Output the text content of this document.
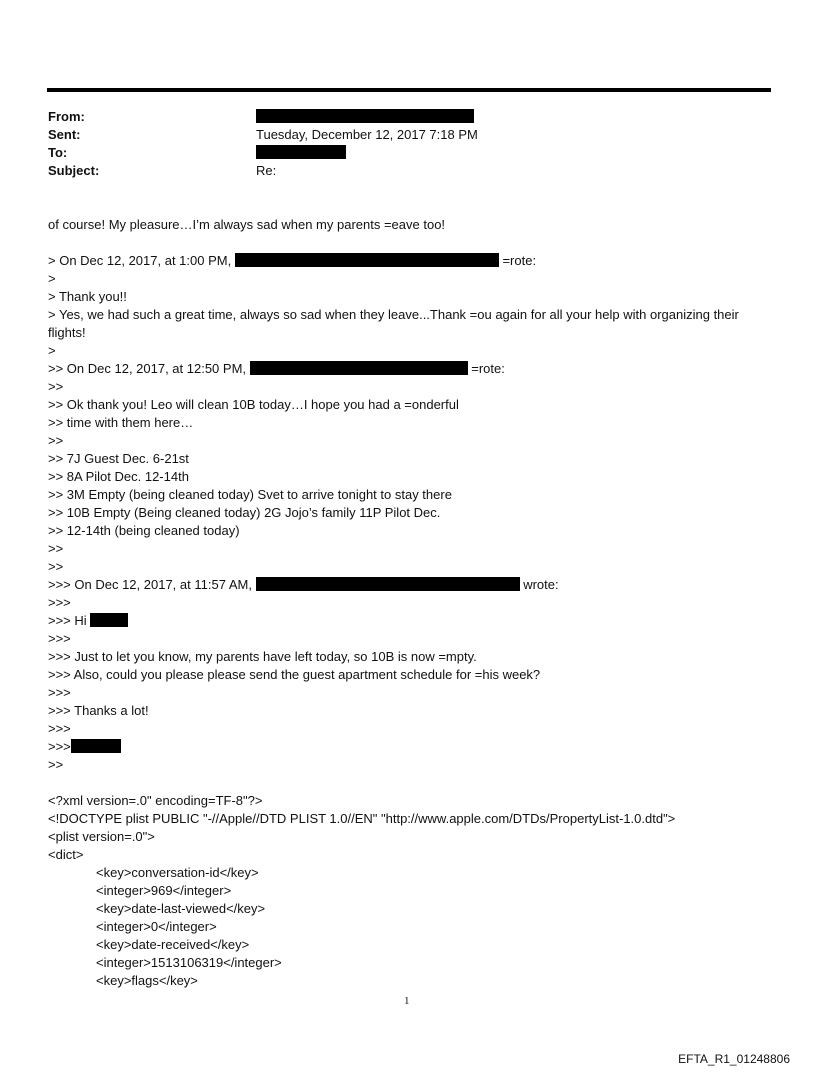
From:
Sent:	Tuesday, December 12, 2017 7:18 PM
To:
Subject:	Re:
of course! My pleasure…I’m always sad when my parents =eave too!
> On Dec 12, 2017, at 1:00 PM,	=rote:
>
> Thank you!!
> Yes, we had such a great time, always so sad when they leave...Thank =ou again for all your help with organizing their flights!
>
>> On Dec 12, 2017, at 12:50 PM,	=rote:
>>
>> Ok thank you! Leo will clean 10B today…I hope you had a =onderful
>> time with them here…
>>
>> 7J Guest Dec. 6-21st
>> 8A Pilot Dec. 12-14th
>> 3M Empty (being cleaned today) Svet to arrive tonight to stay there
>> 10B Empty (Being cleaned today) 2G Jojo’s family 11P Pilot Dec.
>> 12-14th (being cleaned today)
>>
>>
>>> On Dec 12, 2017, at 11:57 AM,	wrote:
>>>
>>> Hi
>>>
>>> Just to let you know, my parents have left today, so 10B is now =mpty.
>>> Also, could you please please send the guest apartment schedule for =his week?
>>>
>>> Thanks a lot!
>>>
>>>
>>
<?xml version=.0" encoding=TF-8"?>
<!DOCTYPE plist PUBLIC "-//Apple//DTD PLIST 1.0//EN" "http://www.apple.com/DTDs/PropertyList-1.0.dtd">
<plist version=.0">
<dict>
<key>conversation-id</key>
<integer>969</integer>
<key>date-last-viewed</key>
<integer>0</integer>
<key>date-received</key>
<integer>1513106319</integer>
<key>flags</key>
1
EFTA_R1_01248806
